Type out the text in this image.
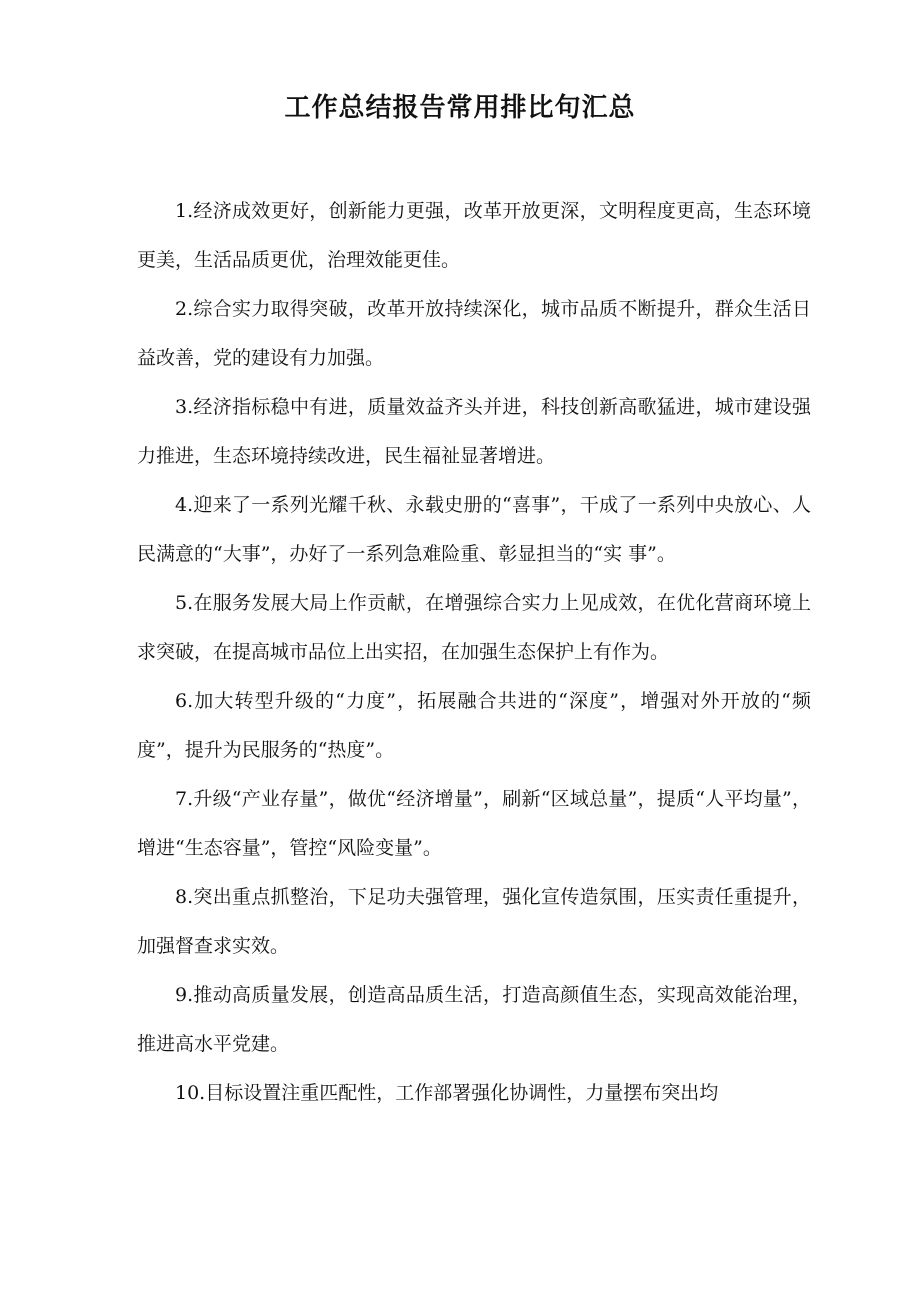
工作总结报告常用排比句汇总

1.经济成效更好，创新能力更强，改革开放更深，文明程度更高，生态环境更美，生活品质更优，治理效能更佳。

2.综合实力取得突破，改革开放持续深化，城市品质不断提升，群众生活日益改善，党的建设有力加强。

3.经济指标稳中有进，质量效益齐头并进，科技创新高歌猛进，城市建设强力推进，生态环境持续改进，民生福祉显著增进。

4.迎来了一系列光耀千秋、永载史册的“喜事”，干成了一系列中央放心、人民满意的“大事”，办好了一系列急难险重、彰显担当的“实 事”。

5.在服务发展大局上作贡献，在增强综合实力上见成效，在优化营商环境上求突破，在提高城市品位上出实招，在加强生态保护上有作为。

6.加大转型升级的“力度”，拓展融合共进的“深度”，增强对外开放的“频度”，提升为民服务的“热度”。

7.升级“产业存量”，做优“经济增量”，刷新“区域总量”，提质“人平均量”，增进“生态容量”，管控“风险变量”。

8.突出重点抓整治，下足功夫强管理，强化宣传造氛围，压实责任重提升，加强督查求实效。

9.推动高质量发展，创造高品质生活，打造高颜值生态，实现高效能治理，推进高水平党建。

10.目标设置注重匹配性，工作部署强化协调性，力量摆布突出均
